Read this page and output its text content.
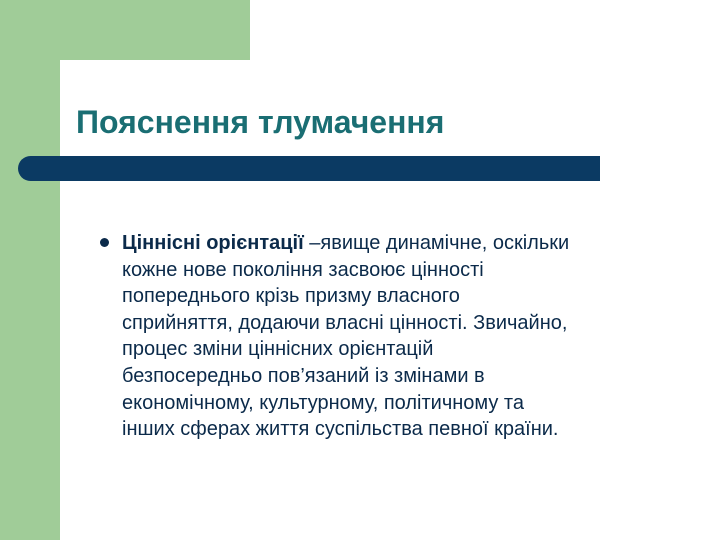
Пояснення тлумачення
Ціннісні орієнтації –явище динамічне, оскільки
кожне нове покоління засвоює цінності
попереднього крізь призму власного
сприйняття, додаючи власні цінності. Звичайно,
процес зміни ціннісних орієнтацій
безпосередньо пов’язаний із змінами в
економічному, культурному, політичному та
інших сферах життя суспільства певної країни.
